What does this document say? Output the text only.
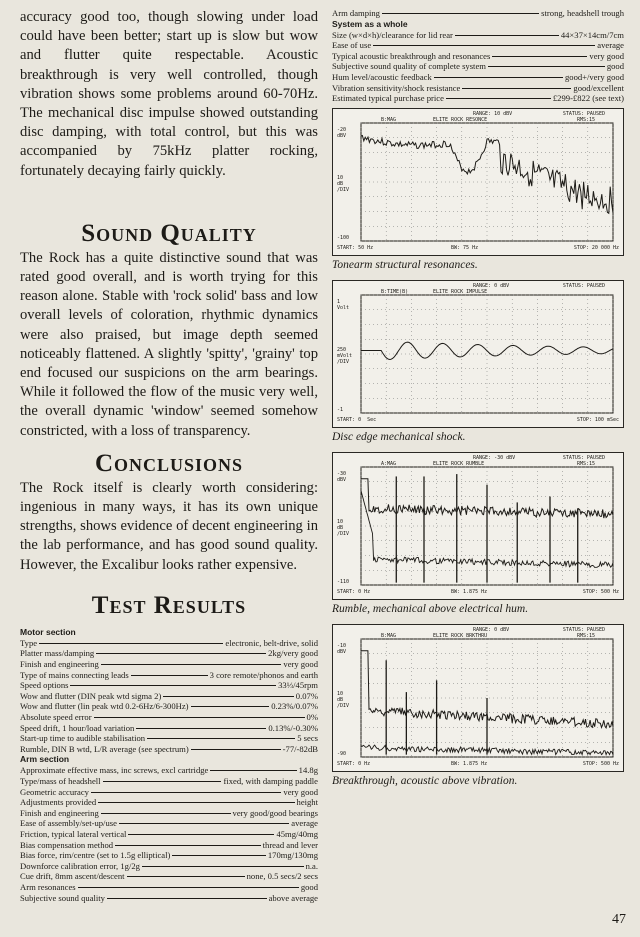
accuracy good too, though slowing under load could have been better; start up is slow but wow and flutter quite respectable. Acoustic breakthrough is very well controlled, though vibration shows some problems around 60-70Hz. The mechanical disc impulse showed outstanding disc damping, with total control, but this was accompanied by 75kHz platter rocking, fortunately decaying fairly quickly.

Sound Quality

The Rock has a quite distinctive sound that was rated good overall, and is worth trying for this reason alone. Stable with 'rock solid' bass and low overall levels of coloration, rhythmic dynamics were also praised, but image depth seemed noticeably flattened. A slightly 'spitty', 'grainy' top end focused our suspicions on the arm bearings. While it followed the flow of the music very well, the overall dynamic 'window' seemed somehow constricted, with a loss of transparency.

Conclusions

The Rock itself is clearly worth considering: ingenious in many ways, it has its own unique strengths, shows evidence of decent engineering in the lab performance, and has good sound quality. However, the Excalibur looks rather expensive.

Test Results

Motor section

Type	electronic, belt-drive, solid
Platter mass/damping	2kg/very good
Finish and engineering	very good
Type of mains connecting leads	3 core remote/phonos and earth
Speed options	33⅓/45rpm
Wow and flutter (DIN peak wtd sigma 2)	0.07%
Wow and flutter (lin peak wtd 0.2-6Hz/6-300Hz)	0.23%/0.07%
Absolute speed error	0%
Speed drift, 1 hour/load variation	0.13%/-0.30%
Start-up time to audible stabilisation	5 secs
Rumble, DIN B wtd, L/R average (see spectrum)	-77/-82dB

Arm section

Approximate effective mass, inc screws, excl cartridge	14.8g
Type/mass of headshell	fixed, with damping paddle
Geometric accuracy	very good
Adjustments provided	height
Finish and engineering	very good/good bearings
Ease of assembly/set-up/use	average
Friction, typical lateral vertical	45mg/40mg
Bias compensation method	thread and lever
Bias force, rim/centre (set to 1.5g elliptical)	170mg/130mg
Downforce calibration error, 1g/2g	n.a.
Cue drift, 8mm ascent/descent	none, 0.5 secs/2 secs
Arm resonances	good
Subjective sound quality	above average
Arm damping	strong, headshell trough

System as a whole

Size (w×d×h)/clearance for lid rear	44×37×14cm/7cm
Ease of use	average
Typical acoustic breakthrough and resonances	very good
Subjective sound quality of complete system	good
Hum level/acoustic feedback	good+/very good
Vibration sensitivity/shock resistance	good/excellent
Estimated typical purchase price	£299-£822 (see text)
RANGE: 10 dBV	STATUS: PAUSED
B:MAG	ELITE ROCK RESONCE	RMS:15
-20
dBV
10
dB
/DIV
-100
START: 50 Hz	BW: 75 Hz	STOP: 20 000 Hz

Tonearm structural resonances.

RANGE: 0 dBV	STATUS: PAUSED
B:TIME(B)	ELITE ROCK IMPULSE
1
Volt
250
mVolt
/DIV
-1
START: 0  Sec	STOP: 100 mSec

Disc edge mechanical shock.

RANGE: -30 dBV	STATUS: PAUSED
A:MAG	ELITE ROCK RUMBLE	RMS:15
-30
dBV
10
dB
/DIV
-110
START: 0 Hz	BW: 1.875 Hz	STOP: 500 Hz

Rumble, mechanical above electrical hum.

RANGE: 0 dBV	STATUS: PAUSED
B:MAG	ELITE ROCK BRKTHRU	RMS:15
-10
dBV
10
dB
/DIV
-90
START: 0 Hz	BW: 1.875 Hz	STOP: 500 Hz

Breakthrough, acoustic above vibration.

47
